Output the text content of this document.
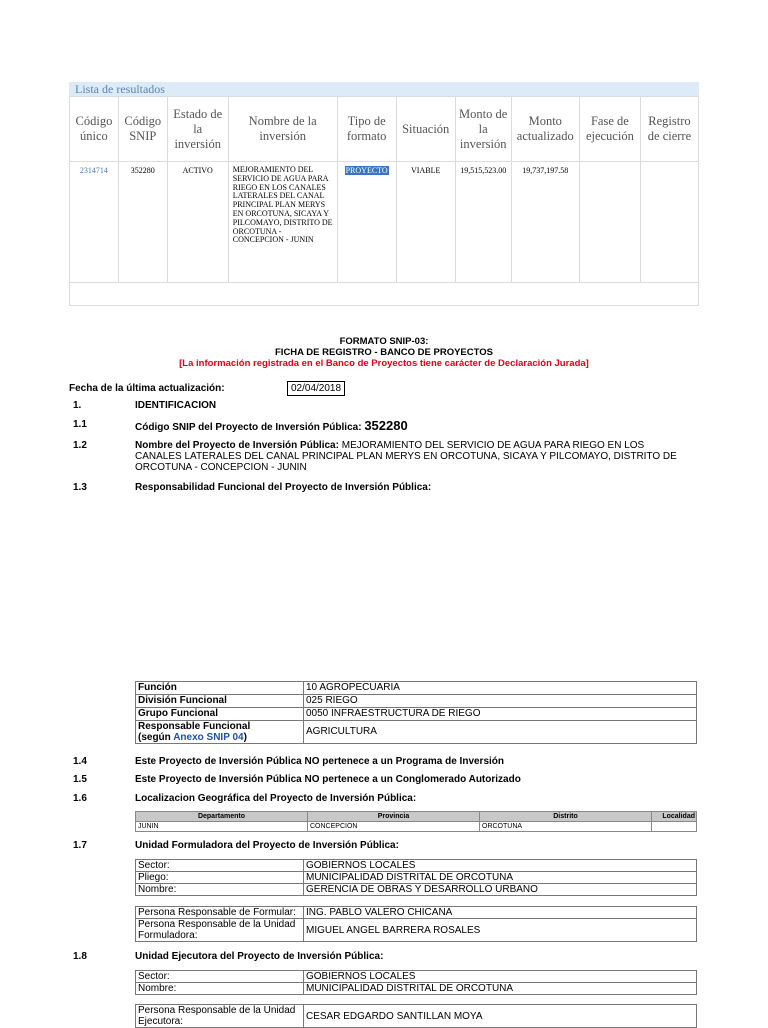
Lista de resultados
Código único	Código SNIP	Estado de la inversión	Nombre de la inversión	Tipo de formato	Situación	Monto de la inversión	Monto actualizado	Fase de ejecución	Registro de cierre
2314714	352280	ACTIVO	MEJORAMIENTO DEL SERVICIO DE AGUA PARA RIEGO EN LOS CANALES LATERALES DEL CANAL PRINCIPAL PLAN MERYS EN ORCOTUNA, SICAYA Y PILCOMAYO, DISTRITO DE ORCOTUNA - CONCEPCION - JUNIN	PROYECTO	VIABLE	19,515,523.00	19,737,197.58		

FORMATO SNIP-03:
FICHA DE REGISTRO - BANCO DE PROYECTOS
[La información registrada en el Banco de Proyectos tiene carácter de Declaración Jurada]
Fecha de la última actualización:	02/04/2018
1.	IDENTIFICACION
1.1	Código SNIP del Proyecto de Inversión Pública: 352280
1.2	Nombre del Proyecto de Inversión Pública: MEJORAMIENTO DEL SERVICIO DE AGUA PARA RIEGO EN LOS CANALES LATERALES DEL CANAL PRINCIPAL PLAN MERYS EN ORCOTUNA, SICAYA Y PILCOMAYO, DISTRITO DE ORCOTUNA - CONCEPCION - JUNIN
1.3	Responsabilidad Funcional del Proyecto de Inversión Pública:
Función	10 AGROPECUARIA
División Funcional	025 RIEGO
Grupo Funcional	0050 INFRAESTRUCTURA DE RIEGO
Responsable Funcional
(según Anexo SNIP 04)	AGRICULTURA
1.4	Este Proyecto de Inversión Pública NO pertenece a un Programa de Inversión
1.5	Este Proyecto de Inversión Pública NO pertenece a un Conglomerado Autorizado
1.6	Localizacion Geográfica del Proyecto de Inversión Pública:
Departamento	Provincia	Distrito	Localidad
JUNIN	CONCEPCION	ORCOTUNA	
1.7	Unidad Formuladora del Proyecto de Inversión Pública:
Sector:	GOBIERNOS LOCALES
Pliego:	MUNICIPALIDAD DISTRITAL DE ORCOTUNA
Nombre:	GERENCIA DE OBRAS Y DESARROLLO URBANO
Persona Responsable de Formular:	ING. PABLO VALERO CHICANA
Persona Responsable de la Unidad Formuladora:	MIGUEL ANGEL BARRERA ROSALES
1.8	Unidad Ejecutora del Proyecto de Inversión Pública:
Sector:	GOBIERNOS LOCALES
Nombre:	MUNICIPALIDAD DISTRITAL DE ORCOTUNA
Persona Responsable de la Unidad Ejecutora:	CESAR EDGARDO SANTILLAN MOYA
